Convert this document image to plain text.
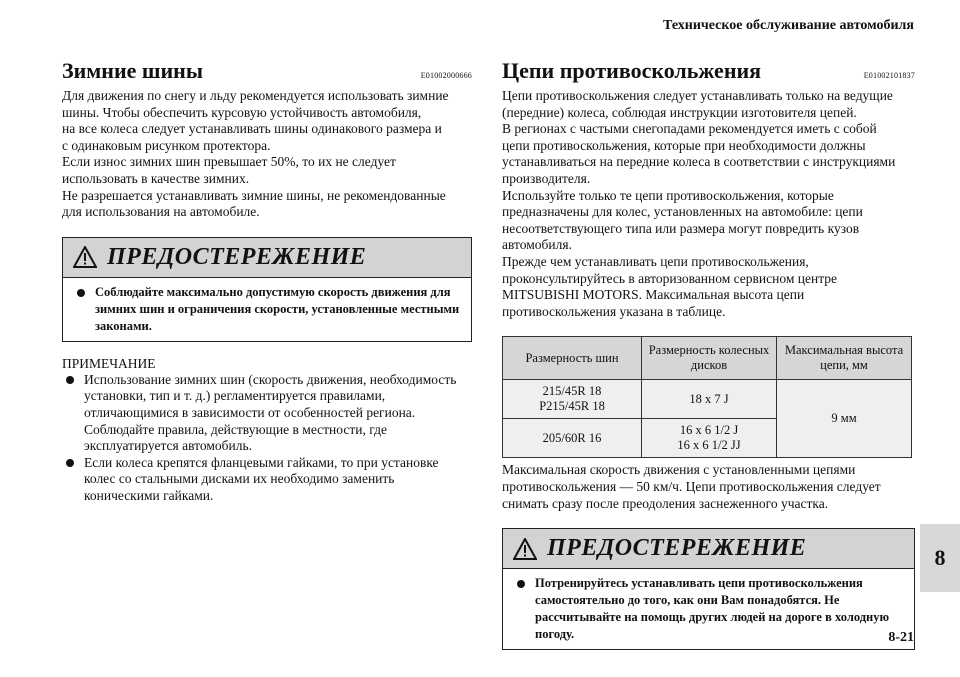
Техническое обслуживание автомобиля
Зимние шины	E01002000666

Для движения по снегу и льду рекомендуется использовать зимние

шины. Чтобы обеспечить курсовую устойчивость автомобиля,

на все колеса следует устанавливать шины одинакового размера и

с одинаковым рисунком протектора.

Если износ зимних шин превышает 50%, то их не следует

использовать в качестве зимних.

Не разрешается устанавливать зимние шины, не рекомендованные

для использования на автомобиле.

ПРЕДОСТЕРЕЖЕНИЕ
Соблюдайте максимально допустимую скорость движения для зимних шин и ограничения скорости, установленные местными законами.
ПРИМЕЧАНИЕ
Использование зимних шин (скорость движения, необходимость установки, тип и т. д.) регламентируется правилами, отличающимися в зависимости от особенностей региона. Соблюдайте правила, действующие в местности, где эксплуатируется автомобиль.
Если колеса крепятся фланцевыми гайками, то при установке колес со стальными дисками их необходимо заменить коническими гайками.
Цепи противоскольжения	E01002101837

Цепи противоскольжения следует устанавливать только на ведущие

(передние) колеса, соблюдая инструкции изготовителя цепей.

В регионах с частыми снегопадами рекомендуется иметь с собой

цепи противоскольжения, которые при необходимости должны

устанавливаться на передние колеса в соответствии с инструкциями

производителя.

Используйте только те цепи противоскольжения, которые

предназначены для колес, установленных на автомобиле: цепи

несоответствующего типа или размера могут повредить кузов

автомобиля.

Прежде чем устанавливать цепи противоскольжения,

проконсультируйтесь в авторизованном сервисном центре

MITSUBISHI MOTORS. Максимальная высота цепи

противоскольжения указана в таблице.

Размерность шин	Размерность колесных дисков	Максимальная высота цепи, мм
215/45R 18
P215/45R 18	18 x 7 J	9 мм
205/60R 16	16 x 6 1/2 J
16 x 6 1/2 JJ	

Максимальная скорость движения с установленными цепями

противоскольжения — 50 км/ч. Цепи противоскольжения следует

снимать сразу после преодоления заснеженного участка.

ПРЕДОСТЕРЕЖЕНИЕ
Потренируйтесь устанавливать цепи противоскольжения самостоятельно до того, как они Вам понадобятся. Не рассчитывайте на помощь других людей на дороге в холодную погоду.
8
8-21
